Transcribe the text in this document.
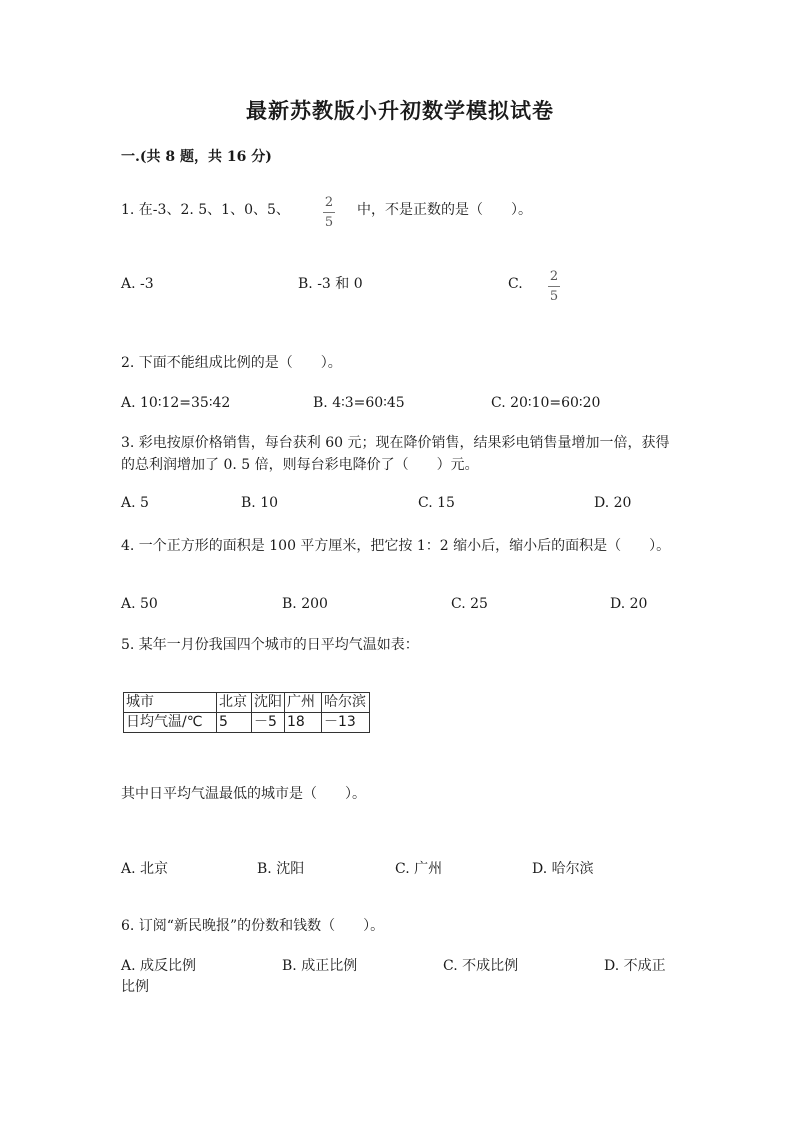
最新苏教版小升初数学模拟试卷
一.(共 8 题，共 16 分)
1. 在-3、2. 5、1、0、5、	2
5
中，不是正数的是（　　）。
A. -3	B. -3 和 0	C. 2
5
2. 下面不能组成比例的是（　　）。
A. 10∶12=35∶42	B. 4∶3=60∶45	C. 20∶10=60∶20
3. 彩电按原价格销售，每台获利 60 元；现在降价销售，结果彩电销售量增加一倍，获得的总利润增加了 0. 5 倍，则每台彩电降价了（　　）元。
A. 5	B. 10	C. 15	D. 20
4. 一个正方形的面积是 100 平方厘米，把它按 1：2 缩小后，缩小后的面积是（　　）。
A. 50	B. 200	C. 25	D. 20
5. 某年一月份我国四个城市的日平均气温如表：
城市	北京	沈阳	广州	哈尔滨
日均气温/℃	5	－5	18	－13
其中日平均气温最低的城市是（　　）。
A. 北京	B. 沈阳	C. 广州	D. 哈尔滨
6. 订阅“新民晚报”的份数和钱数（　　）。
A. 成反比例	B. 成正比例	C. 不成比例	D. 不成正
比例
